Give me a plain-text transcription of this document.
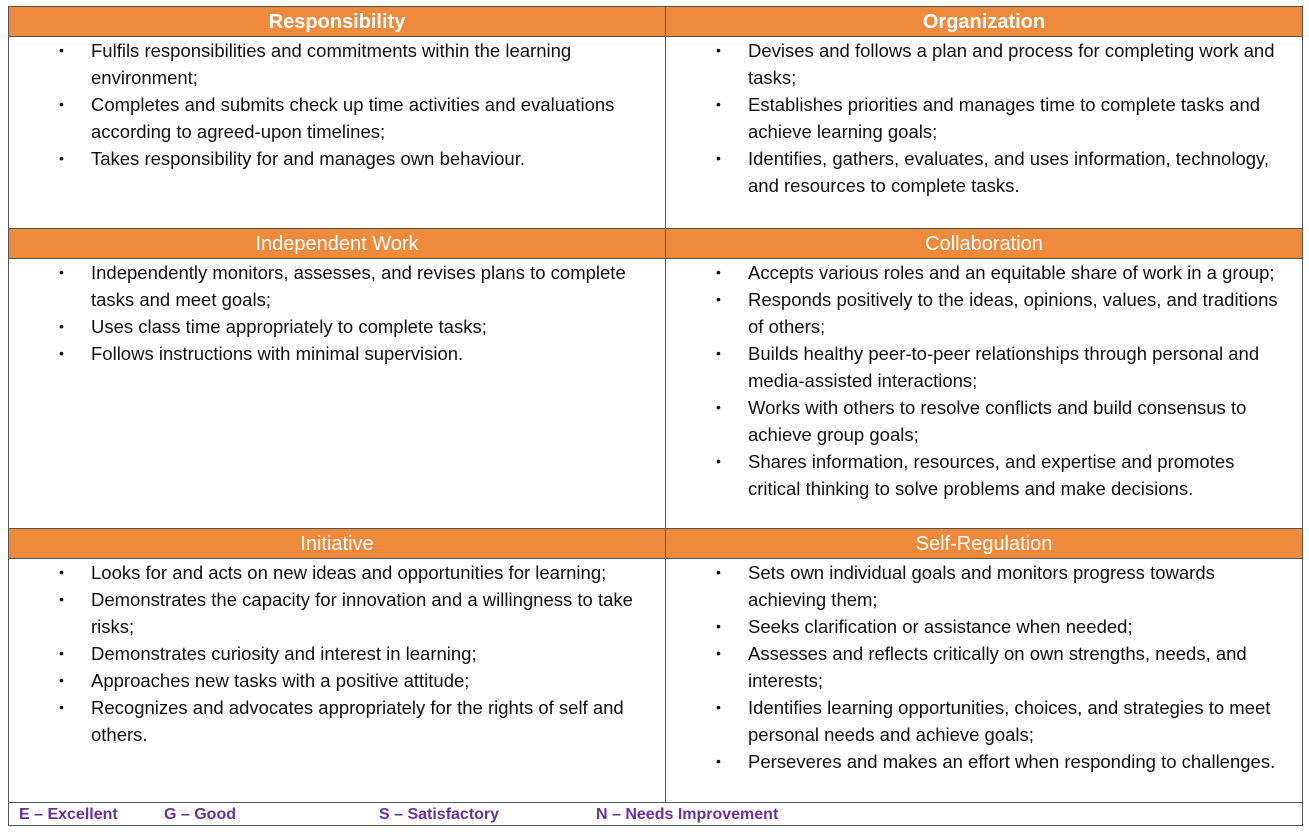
Responsibility
• Fulfils responsibilities and commitments within the learning environment;
• Completes and submits check up time activities and evaluations according to agreed-upon timelines;
• Takes responsibility for and manages own behaviour.
Organization
• Devises and follows a plan and process for completing work and tasks;
• Establishes priorities and manages time to complete tasks and achieve learning goals;
• Identifies, gathers, evaluates, and uses information, technology, and resources to complete tasks.
Independent Work
• Independently monitors, assesses, and revises plans to complete tasks and meet goals;
• Uses class time appropriately to complete tasks;
• Follows instructions with minimal supervision.
Collaboration
• Accepts various roles and an equitable share of work in a group;
• Responds positively to the ideas, opinions, values, and traditions of others;
• Builds healthy peer-to-peer relationships through personal and media-assisted interactions;
• Works with others to resolve conflicts and build consensus to achieve group goals;
• Shares information, resources, and expertise and promotes critical thinking to solve problems and make decisions.
Initiative
• Looks for and acts on new ideas and opportunities for learning;
• Demonstrates the capacity for innovation and a willingness to take risks;
• Demonstrates curiosity and interest in learning;
• Approaches new tasks with a positive attitude;
• Recognizes and advocates appropriately for the rights of self and others.
Self-Regulation
• Sets own individual goals and monitors progress towards achieving them;
• Seeks clarification or assistance when needed;
• Assesses and reflects critically on own strengths, needs, and interests;
• Identifies learning opportunities, choices, and strategies to meet personal needs and achieve goals;
• Perseveres and makes an effort when responding to challenges.
E – Excellent	G – Good	S – Satisfactory	N – Needs Improvement
